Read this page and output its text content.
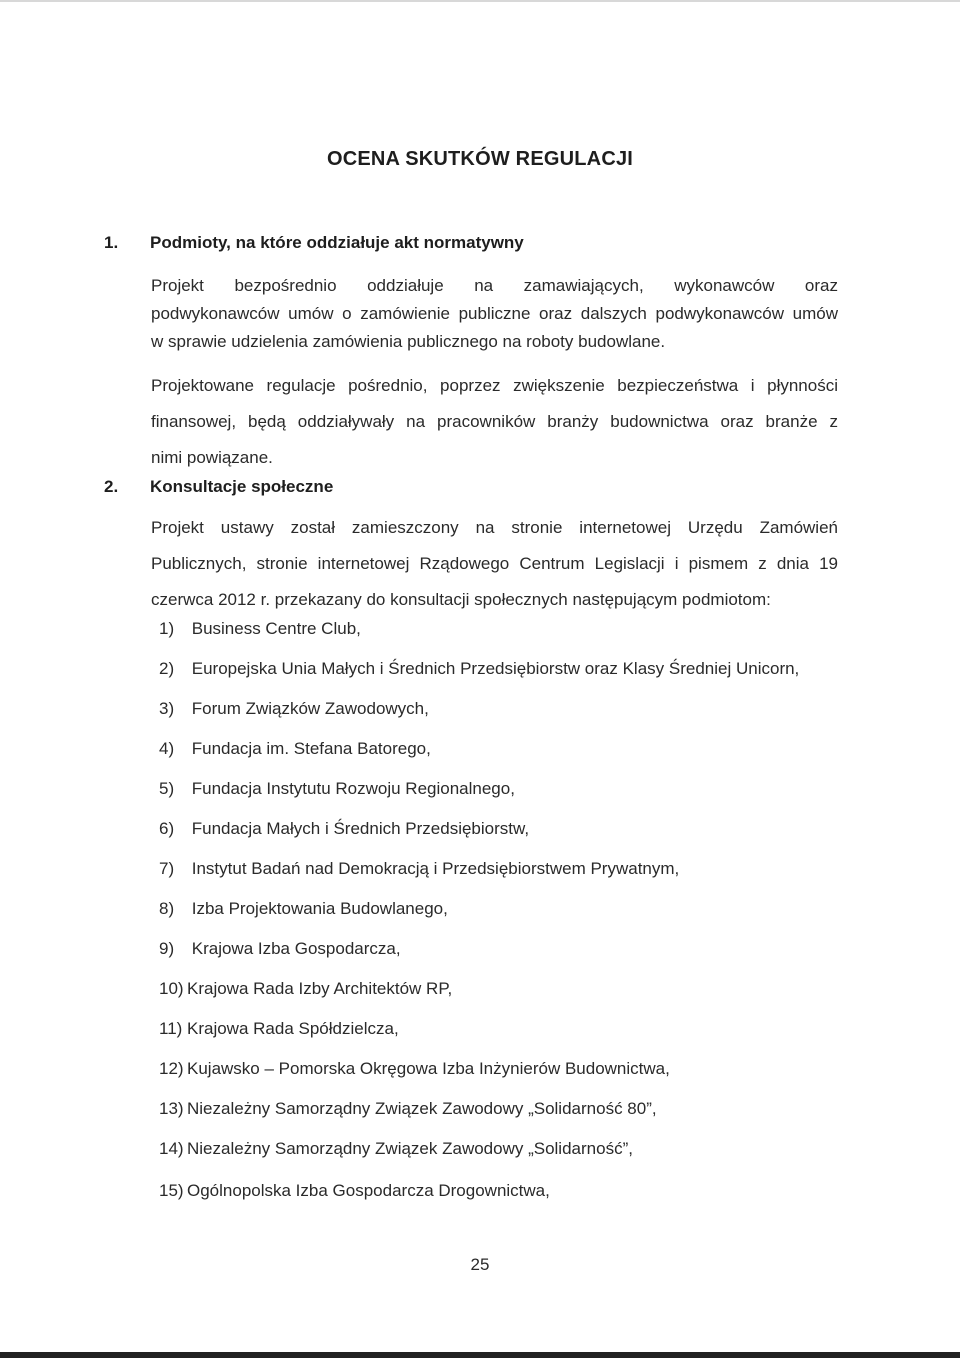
OCENA SKUTKÓW REGULACJI
1. Podmioty, na które oddziałuje akt normatywny
Projekt bezpośrednio oddziałuje na zamawiających, wykonawców oraz
podwykonawców umów o zamówienie publiczne oraz dalszych podwykonawców umów
w sprawie udzielenia zamówienia publicznego na roboty budowlane.
Projektowane regulacje pośrednio, poprzez zwiększenie bezpieczeństwa i płynności
finansowej, będą oddziaływały na pracowników branży budownictwa oraz branże z
nimi powiązane.
2. Konsultacje społeczne
Projekt ustawy został zamieszczony na stronie internetowej Urzędu Zamówień
Publicznych, stronie internetowej Rządowego Centrum Legislacji i pismem z dnia 19
czerwca 2012 r. przekazany do konsultacji społecznych następującym podmiotom:

1) Business Centre Club,

2) Europejska Unia Małych i Średnich Przedsiębiorstw oraz Klasy Średniej Unicorn,

3) Forum Związków Zawodowych,

4) Fundacja im. Stefana Batorego,

5) Fundacja Instytutu Rozwoju Regionalnego,

6) Fundacja Małych i Średnich Przedsiębiorstw,

7) Instytut Badań nad Demokracją i Przedsiębiorstwem Prywatnym,

8) Izba Projektowania Budowlanego,

9) Krajowa Izba Gospodarcza,

10) Krajowa Rada Izby Architektów RP,

11) Krajowa Rada Spółdzielcza,

12) Kujawsko – Pomorska Okręgowa Izba Inżynierów Budownictwa,

13) Niezależny Samorządny Związek Zawodowy „Solidarność 80”,

14) Niezależny Samorządny Związek Zawodowy „Solidarność”,

15) Ogólnopolska Izba Gospodarcza Drogownictwa,

25
